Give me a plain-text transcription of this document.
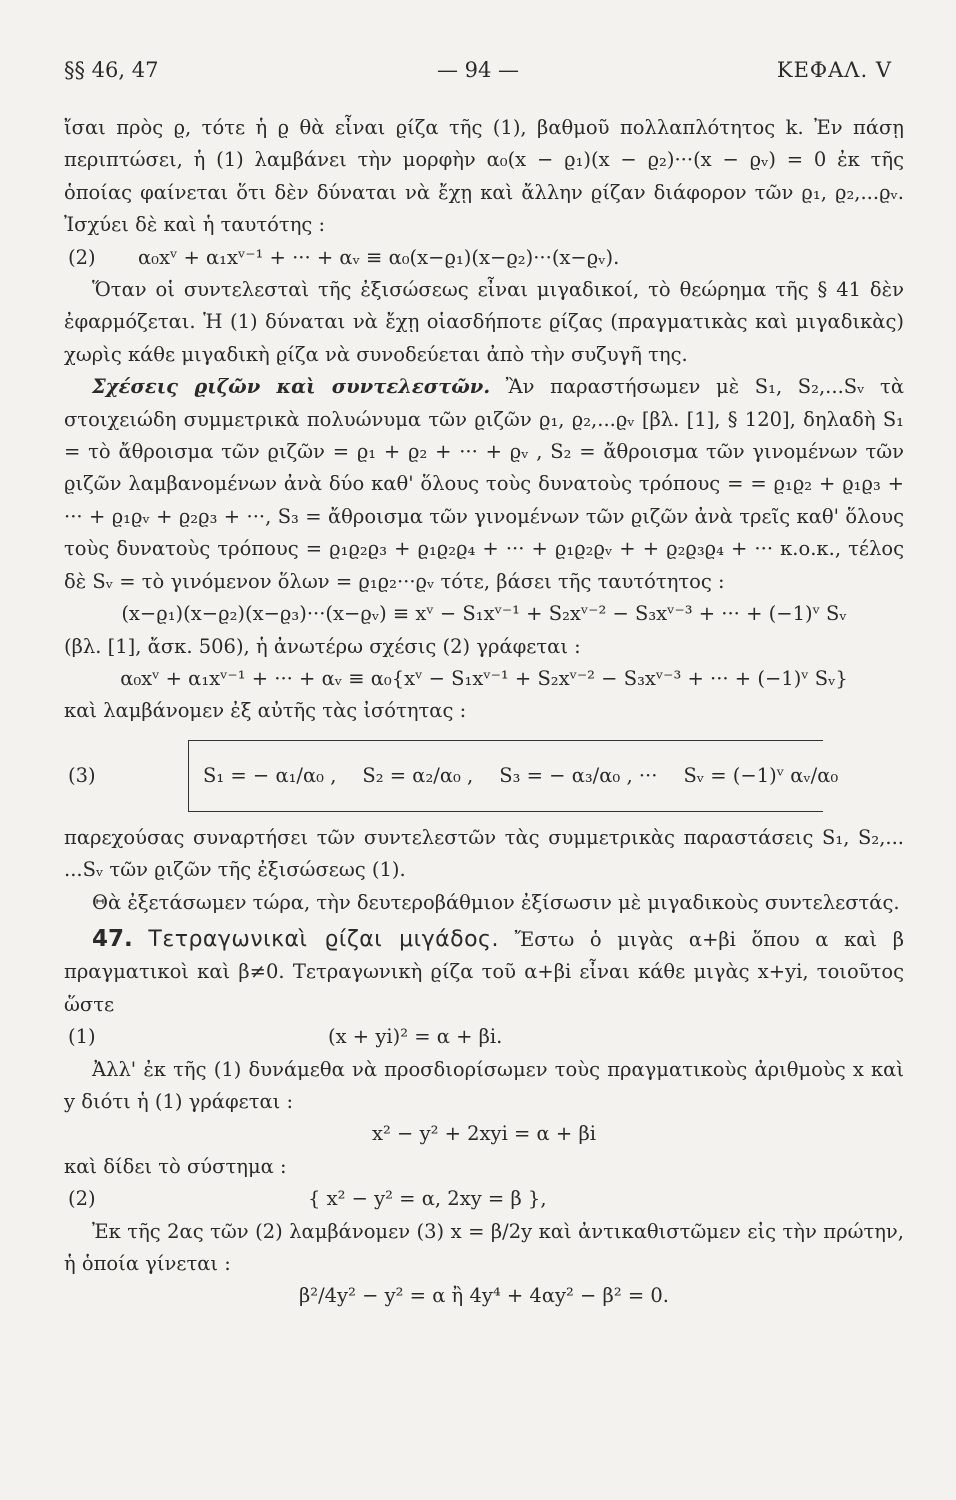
§§ 46, 47	— 94 —	ΚΕΦΑΛ. V

ἴσαι πρὸς ϱ, τότε ἡ ϱ θὰ εἶναι ϱίζα τῆς (1), βαθμοῦ πολλαπλότητος k. Ἐν πάσῃ περιπτώσει, ἡ (1) λαμβάνει τὴν μορφὴν α₀(x − ϱ₁)(x − ϱ₂)···(x − ϱᵥ) = 0 ἐκ τῆς ὁποίας φαίνεται ὅτι δὲν δύναται νὰ ἔχῃ καὶ ἄλλην ϱίζαν διάφορον τῶν ϱ₁, ϱ₂,...ϱᵥ. Ἰσχύει δὲ καὶ ἡ ταυτότης :

(2)	α₀xᵛ + α₁xᵛ⁻¹ + ··· + αᵥ ≡ α₀(x−ϱ₁)(x−ϱ₂)···(x−ϱᵥ).

Ὅταν οἱ συντελεσταὶ τῆς ἐξισώσεως εἶναι μιγαδικοί, τὸ θεώρημα τῆς § 41 δὲν ἐφαρμόζεται. Ἡ (1) δύναται νὰ ἔχῃ οἱασδήποτε ϱίζας (πραγματικὰς καὶ μιγαδικὰς) χωρὶς κάθε μιγαδικὴ ϱίζα νὰ συνοδεύεται ἀπὸ τὴν συζυγῆ της.

Σχέσεις ϱιζῶν καὶ συντελεστῶν. Ἂν παραστήσωμεν μὲ S₁, S₂,...Sᵥ τὰ στοιχειώδη συμμετρικὰ πολυώνυμα τῶν ϱιζῶν ϱ₁, ϱ₂,...ϱᵥ [βλ. [1], § 120], δηλαδὴ S₁ = τὸ ἄθροισμα τῶν ϱιζῶν = ϱ₁ + ϱ₂ + ··· + ϱᵥ , S₂ = ἄθροισμα τῶν γινομένων τῶν ϱιζῶν λαμβανομένων ἀνὰ δύο καθ' ὅλους τοὺς δυνατοὺς τρόπους = = ϱ₁ϱ₂ + ϱ₁ϱ₃ + ··· + ϱ₁ϱᵥ + ϱ₂ϱ₃ + ···, S₃ = ἄθροισμα τῶν γινομένων τῶν ϱιζῶν ἀνὰ τρεῖς καθ' ὅλους τοὺς δυνατοὺς τρόπους = ϱ₁ϱ₂ϱ₃ + ϱ₁ϱ₂ϱ₄ + ··· + ϱ₁ϱ₂ϱᵥ + + ϱ₂ϱ₃ϱ₄ + ··· κ.ο.κ., τέλος δὲ Sᵥ = τὸ γινόμενον ὅλων = ϱ₁ϱ₂···ϱᵥ τότε, βάσει τῆς ταυτότητος :

(x−ϱ₁)(x−ϱ₂)(x−ϱ₃)···(x−ϱᵥ) ≡ xᵛ − S₁xᵛ⁻¹ + S₂xᵛ⁻² − S₃xᵛ⁻³ + ··· + (−1)ᵛ Sᵥ

(βλ. [1], ἄσκ. 506), ἡ ἀνωτέρω σχέσις (2) γράφεται :

α₀xᵛ + α₁xᵛ⁻¹ + ··· + αᵥ ≡ α₀{xᵛ − S₁xᵛ⁻¹ + S₂xᵛ⁻² − S₃xᵛ⁻³ + ··· + (−1)ᵛ Sᵥ}

καὶ λαμβάνομεν ἐξ αὐτῆς τὰς ἰσότητας :

(3)	S₁ = − α₁/α₀ , S₂ = α₂/α₀ , S₃ = − α₃/α₀ , ··· Sᵥ = (−1)ᵛ αᵥ/α₀

παρεχούσας συναρτήσει τῶν συντελεστῶν τὰς συμμετρικὰς παραστάσεις S₁, S₂,... ...Sᵥ τῶν ϱιζῶν τῆς ἐξισώσεως (1).

Θὰ ἐξετάσωμεν τώρα, τὴν δευτεροβάθμιον ἐξίσωσιν μὲ μιγαδικοὺς συντελεστάς.

47. Τετραγωνικαὶ ϱίζαι μιγάδος. Ἔστω ὁ μιγὰς α+βi ὅπου α καὶ β πραγματικοὶ καὶ β≠0. Τετραγωνικὴ ϱίζα τοῦ α+βi εἶναι κάθε μιγὰς x+yi, τοιοῦτος ὥστε

(1)	(x + yi)² = α + βi.

Ἀλλ' ἐκ τῆς (1) δυνάμεθα νὰ προσδιορίσωμεν τοὺς πραγματικοὺς ἀριθμοὺς x καὶ y διότι ἡ (1) γράφεται :

x² − y² + 2xyi = α + βi

καὶ δίδει τὸ σύστημα :

(2)	{ x² − y² = α, 2xy = β },

Ἐκ τῆς 2ας τῶν (2) λαμβάνομεν (3) x = β/2y καὶ ἀντικαθιστῶμεν εἰς τὴν πρώτην, ἡ ὁποία γίνεται :

β²/4y² − y² = α ἢ 4y⁴ + 4αy² − β² = 0.
